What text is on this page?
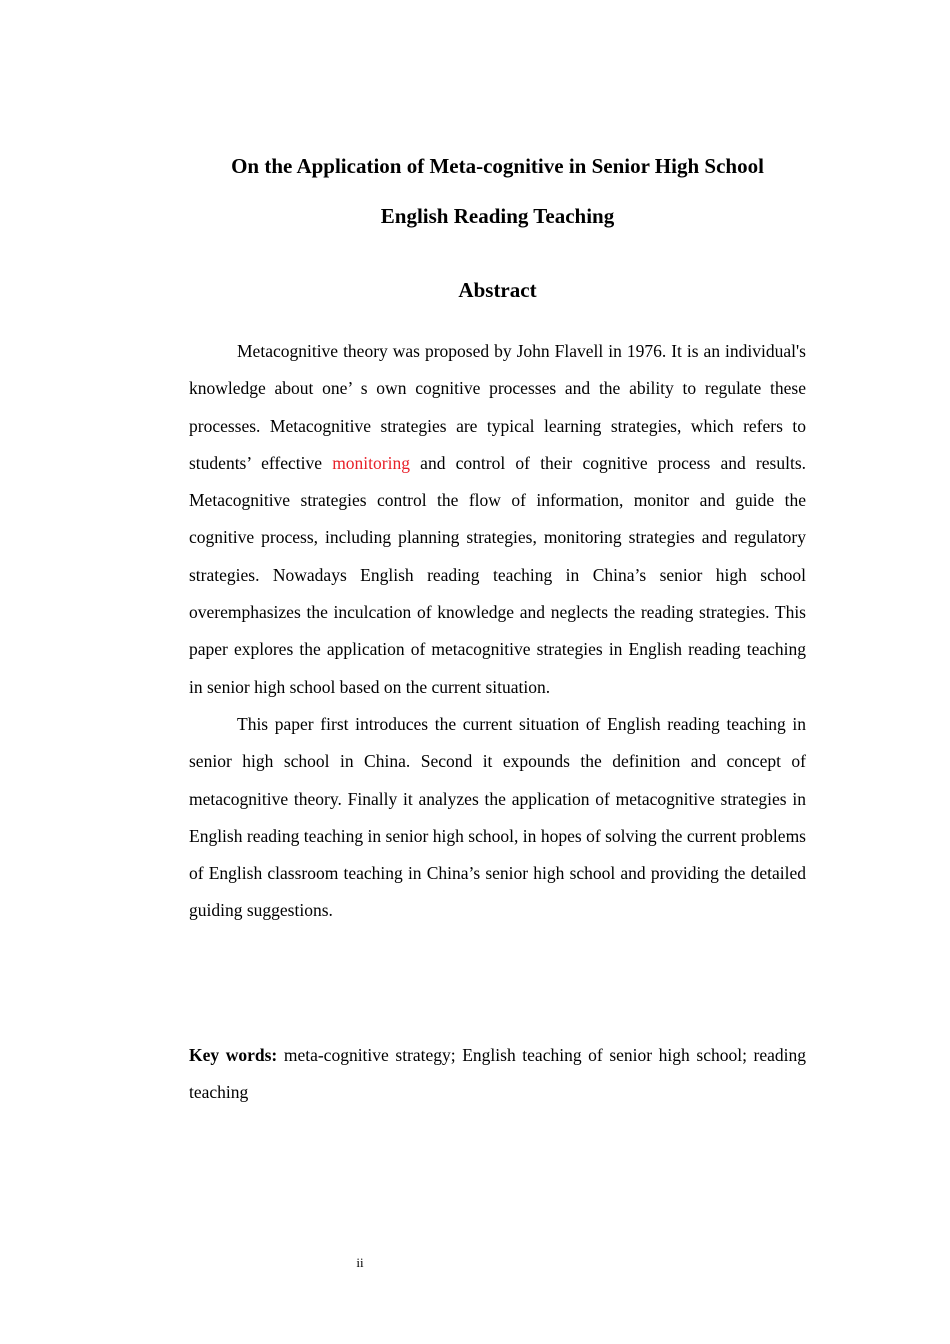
On the Application of Meta-cognitive in Senior High School
English Reading Teaching
Abstract

Metacognitive theory was proposed by John Flavell in 1976. It is an individual's knowledge about one’ s own cognitive processes and the ability to regulate these processes. Metacognitive strategies are typical learning strategies, which refers to students’ effective monitoring and control of their cognitive process and results. Metacognitive strategies control the flow of information, monitor and guide the cognitive process, including planning strategies, monitoring strategies and regulatory strategies. Nowadays English reading teaching in China’s senior high school overemphasizes the inculcation of knowledge and neglects the reading strategies. This paper explores the application of metacognitive strategies in English reading teaching in senior high school based on the current situation.

This paper first introduces the current situation of English reading teaching in senior high school in China. Second it expounds the definition and concept of metacognitive theory. Finally it analyzes the application of metacognitive strategies in English reading teaching in senior high school, in hopes of solving the current problems of English classroom teaching in China’s senior high school and providing the detailed guiding suggestions.

Key words: meta-cognitive strategy; English teaching of senior high school; reading teaching

ii
